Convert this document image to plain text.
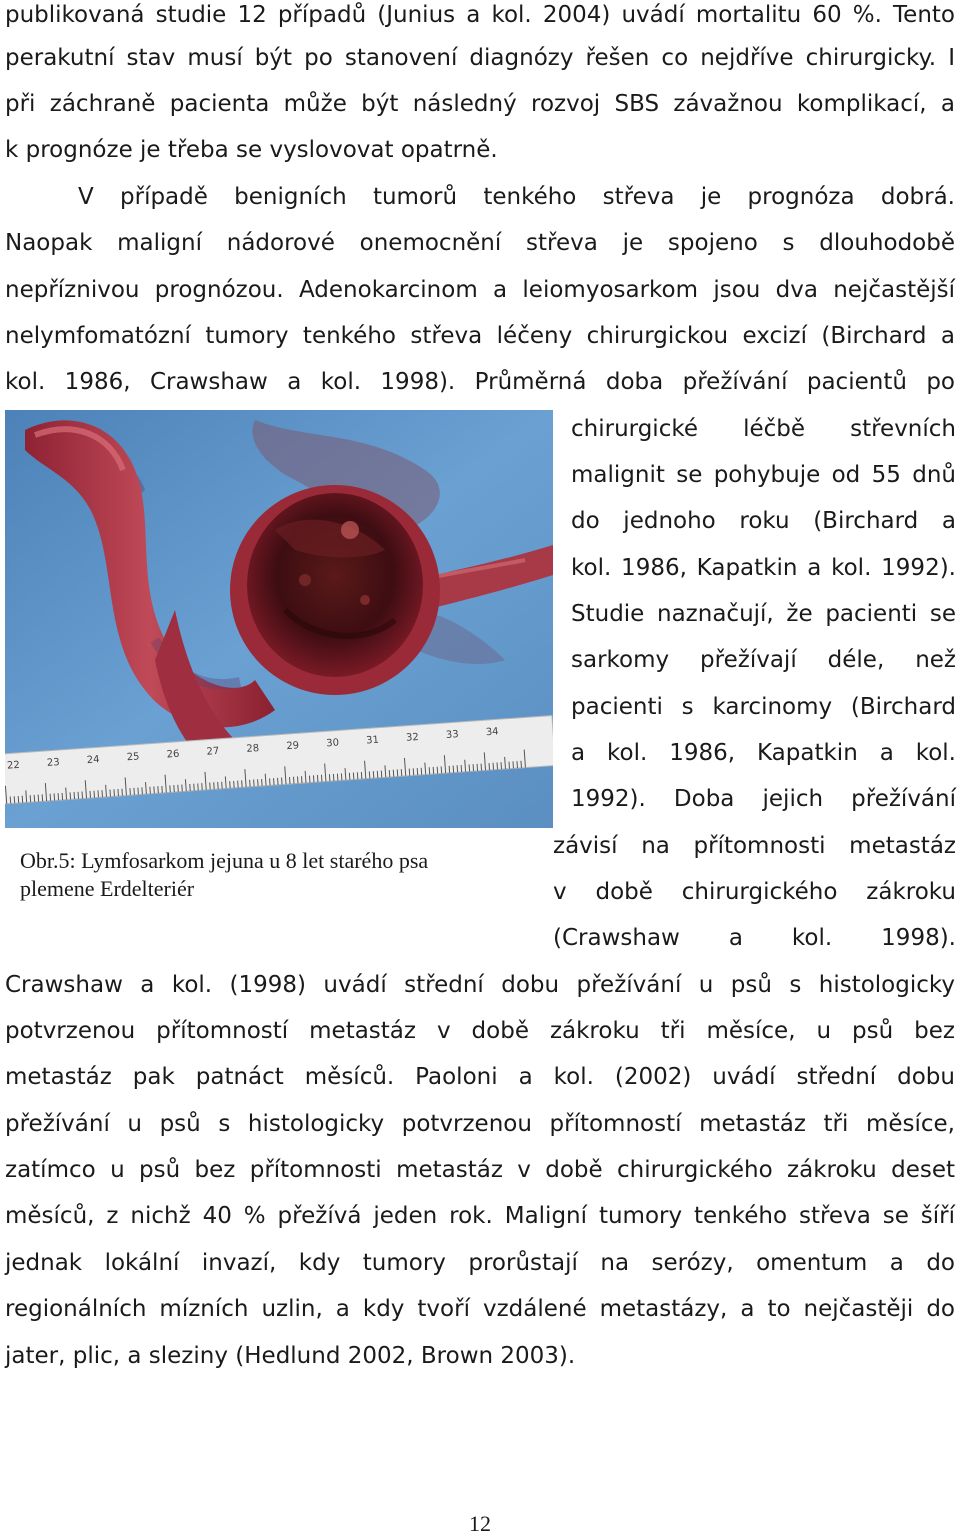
publikovaná studie 12 případů (Junius a kol. 2004) uvádí mortalitu 60 %. Tento
perakutní stav musí být po stanovení diagnózy řešen co nejdříve chirurgicky. I
při záchraně pacienta může být následný rozvoj SBS závažnou komplikací, a
k prognóze je třeba se vyslovovat opatrně.
V případě benigních tumorů tenkého střeva je prognóza dobrá.
Naopak maligní nádorové onemocnění střeva je spojeno s dlouhodobě
nepříznivou prognózou. Adenokarcinom a leiomyosarkom jsou dva nejčastější
nelymfomatózní tumory tenkého střeva léčeny chirurgickou excizí (Birchard a
kol. 1986, Crawshaw a kol. 1998). Průměrná doba přežívání pacientů po
22	23	24	25	26	27	28	29	30	31	32	33	34
Obr.5: Lymfosarkom jejuna u 8 let starého psa
plemene Erdelteriér
chirurgické léčbě střevních
malignit se pohybuje od 55 dnů
do jednoho roku (Birchard a
kol. 1986, Kapatkin a kol. 1992).
Studie naznačují, že pacienti se
sarkomy přežívají déle, než
pacienti s karcinomy (Birchard
a kol. 1986, Kapatkin a kol.
1992). Doba jejich přežívání
závisí na přítomnosti metastáz
v době chirurgického zákroku
(Crawshaw a kol. 1998).
Crawshaw a kol. (1998) uvádí střední dobu přežívání u psů s histologicky
potvrzenou přítomností metastáz v době zákroku tři měsíce, u psů bez
metastáz pak patnáct měsíců. Paoloni a kol. (2002) uvádí střední dobu
přežívání u psů s histologicky potvrzenou přítomností metastáz tři měsíce,
zatímco u psů bez přítomnosti metastáz v době chirurgického zákroku deset
měsíců, z nichž 40 % přežívá jeden rok. Maligní tumory tenkého střeva se šíří
jednak lokální invazí, kdy tumory prorůstají na serózy, omentum a do
regionálních mízních uzlin, a kdy tvoří vzdálené metastázy, a to nejčastěji do
jater, plic, a sleziny (Hedlund 2002, Brown 2003).
12
